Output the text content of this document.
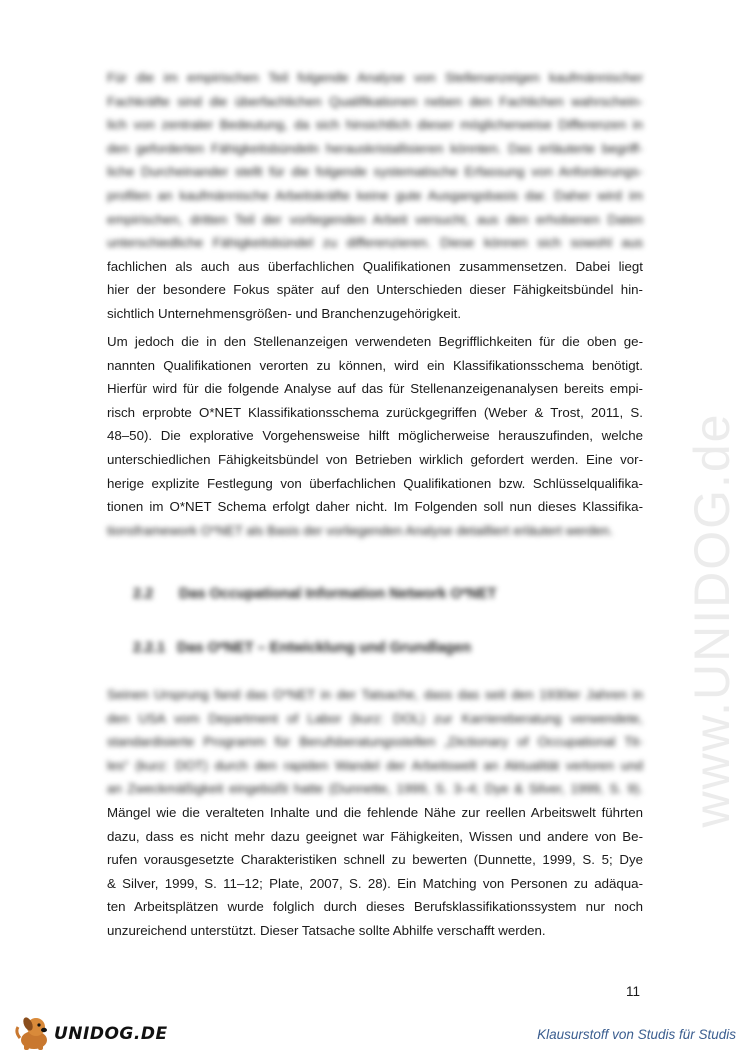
www.UNIDOG.de
Für die im empirischen Teil folgende Analyse von Stellenanzeigen kaufmännischer
Fachkräfte sind die überfachlichen Qualifikationen neben den Fachlichen wahrschein-
lich von zentraler Bedeutung, da sich hinsichtlich dieser möglicherweise Differenzen in
den geforderten Fähigkeitsbündeln herauskristallisieren könnten. Das erläuterte begriff-
liche Durcheinander stellt für die folgende systematische Erfassung von Anforderungs-
profilen an kaufmännische Arbeitskräfte keine gute Ausgangsbasis dar. Daher wird im
empirischen, dritten Teil der vorliegenden Arbeit versucht, aus den erhobenen Daten
unterschiedliche Fähigkeitsbündel zu differenzieren. Diese können sich sowohl aus
fachlichen als auch aus überfachlichen Qualifikationen zusammensetzen. Dabei liegt
hier der besondere Fokus später auf den Unterschieden dieser Fähigkeitsbündel hin-
sichtlich Unternehmensgrößen- und Branchenzugehörigkeit.
Um jedoch die in den Stellenanzeigen verwendeten Begrifflichkeiten für die oben ge-
nannten Qualifikationen verorten zu können, wird ein Klassifikationsschema benötigt.
Hierfür wird für die folgende Analyse auf das für Stellenanzeigenanalysen bereits empi-
risch erprobte O*NET Klassifikationsschema zurückgegriffen (Weber & Trost, 2011, S.
48–50). Die explorative Vorgehensweise hilft möglicherweise herauszufinden, welche
unterschiedlichen Fähigkeitsbündel von Betrieben wirklich gefordert werden. Eine vor-
herige explizite Festlegung von überfachlichen Qualifikationen bzw. Schlüsselqualifika-
tionen im O*NET Schema erfolgt daher nicht. Im Folgenden soll nun dieses Klassifika-
tionsframework O*NET als Basis der vorliegenden Analyse detailliert erläutert werden.
2.2 Das Occupational Information Network O*NET
2.2.1 Das O*NET – Entwicklung und Grundlagen
Seinen Ursprung fand das O*NET in der Tatsache, dass das seit den 1930er Jahren in
den USA vom Department of Labor (kurz: DOL) zur Karriereberatung verwendete,
standardisierte Programm für Berufsberatungsstellen „Dictionary of Occupational Tit-
les“ (kurz: DOT) durch den rapiden Wandel der Arbeitswelt an Aktualität verloren und
an Zweckmäßigkeit eingebüßt hatte (Dunnette, 1999, S. 3–4; Dye & Silver, 1999, S. 9).
Mängel wie die veralteten Inhalte und die fehlende Nähe zur reellen Arbeitswelt führten
dazu, dass es nicht mehr dazu geeignet war Fähigkeiten, Wissen und andere von Be-
rufen vorausgesetzte Charakteristiken schnell zu bewerten (Dunnette, 1999, S. 5; Dye
& Silver, 1999, S. 11–12; Plate, 2007, S. 28). Ein Matching von Personen zu adäqua-
ten Arbeitsplätzen wurde folglich durch dieses Berufsklassifikationssystem nur noch
unzureichend unterstützt. Dieser Tatsache sollte Abhilfe verschafft werden.
11
UNIDOG.DE	Klausurstoff von Studis für Studis
